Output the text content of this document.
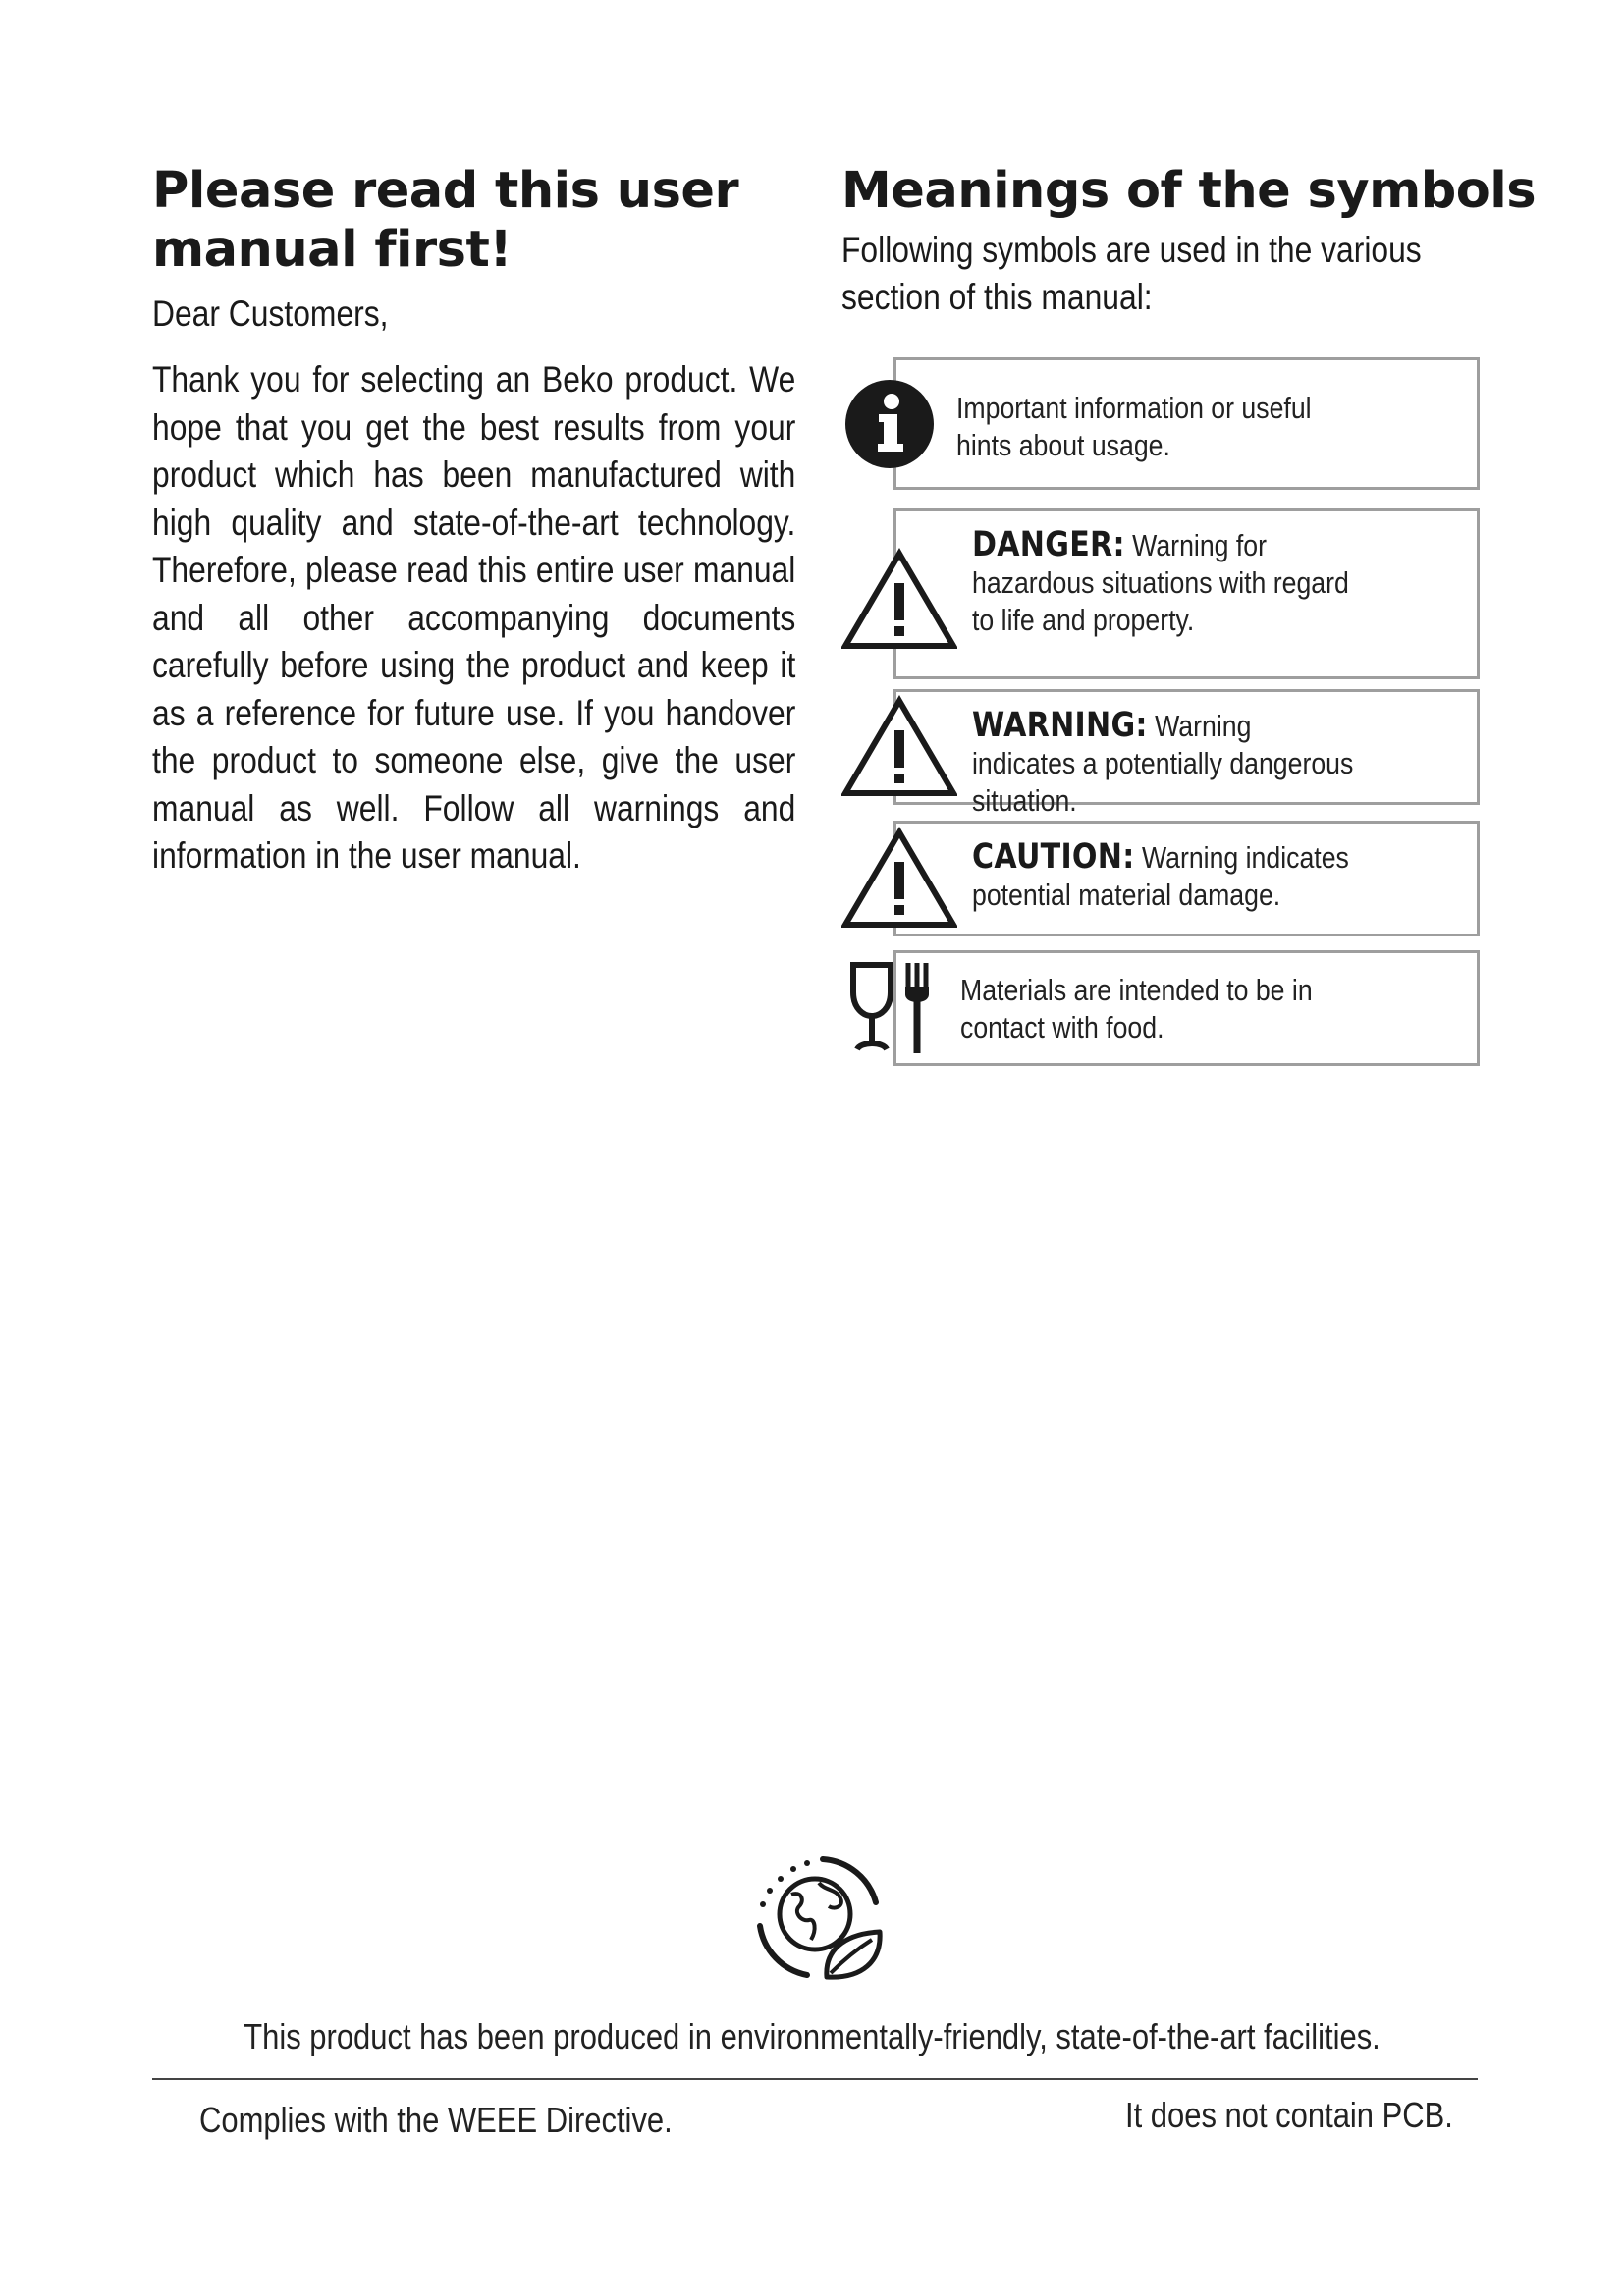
Please read this user manual first!

Dear Customers,

Thank you for selecting an Beko product. We hope that you get the best results from your product which has been manufactured with high quality and state-of-the-art technology. Therefore, please read this entire user manual and all other accompanying documents carefully before using the product and keep it as a reference for future use. If you handover the product to someone else, give the user manual as well. Follow all warnings and information in the user manual.

Meanings of the symbols

Following symbols are used in the various section of this manual:

Important information or useful hints about usage.
DANGER: Warning for hazardous situations with regard to life and property.
WARNING: Warning indicates a potentially dangerous situation.
CAUTION: Warning indicates potential material damage.
Materials are intended to be in contact with food.
This product has been produced in environmentally-friendly, state-of-the-art facilities.
Complies with the WEEE Directive.	It does not contain PCB.
